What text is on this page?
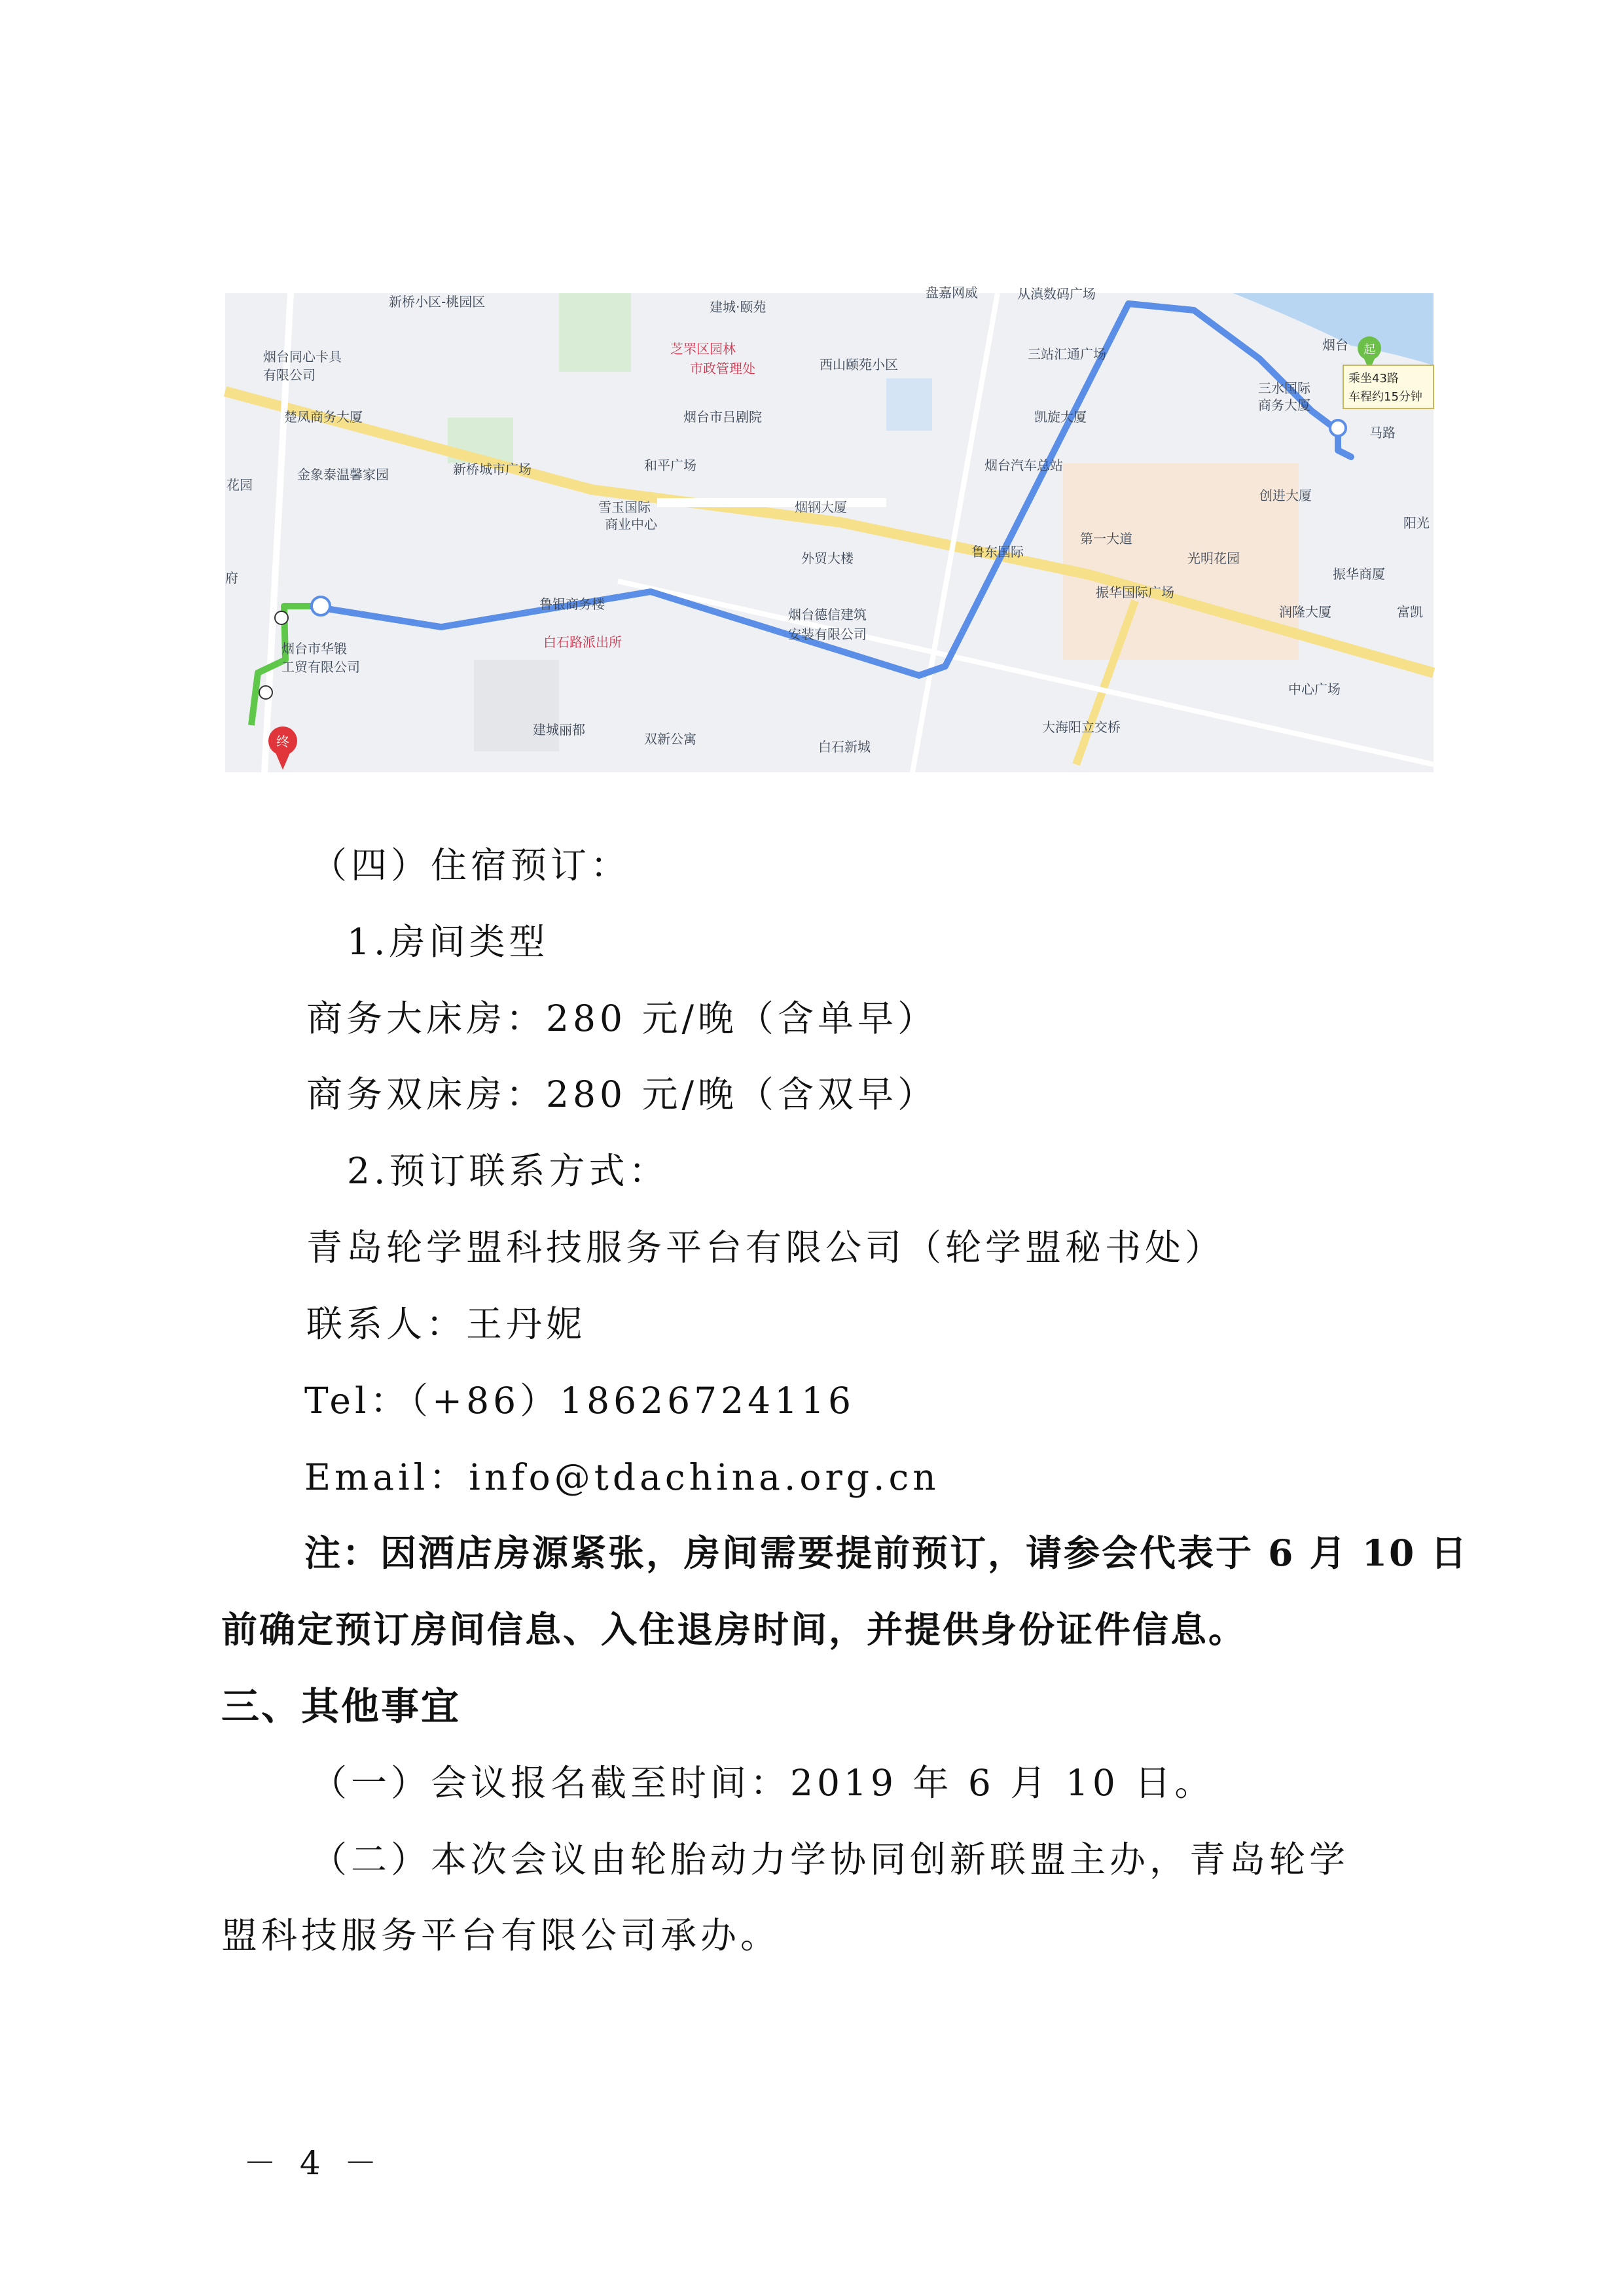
终
起
乘坐43路
车程约15分钟
新桥小区-桃园区	建城·颐苑
盘嘉网威	从滇数码广场
芝罘区园林
市政管理处	西山颐苑小区
三站汇通广场
烟台
烟台同心卡具
有限公司
三水国际
商务大厦
楚凤商务大厦	烟台市吕剧院	凯旋大厦
马路
金象泰温馨家园	新桥城市广场	和平广场	烟台汽车总站
花园
创进大厦
雪玉国际	烟钢大厦
阳光
商业中心
第一大道
鲁东国际
外贸大楼	光明花园
振华商厦
府
振华国际广场
鲁银商务楼	润隆大厦	富凯
烟台德信建筑
烟台市华锻	白石路派出所	安装有限公司
工贸有限公司
中心广场
大海阳立交桥
建城丽都
双新公寓	白石新城
（四）住宿预订：
1.房间类型
商务大床房：280 元/晚（含单早）
商务双床房：280 元/晚（含双早）
2.预订联系方式：
青岛轮学盟科技服务平台有限公司（轮学盟秘书处）
联系人：王丹妮
Tel：（+86）18626724116
Email：info@tdachina.org.cn
注：因酒店房源紧张，房间需要提前预订，请参会代表于 6 月 10 日
前确定预订房间信息、入住退房时间，并提供身份证件信息。
三、其他事宜
（一）会议报名截至时间：2019 年 6 月 10 日。
（二）本次会议由轮胎动力学协同创新联盟主办，青岛轮学
盟科技服务平台有限公司承办。
－ 4 －
